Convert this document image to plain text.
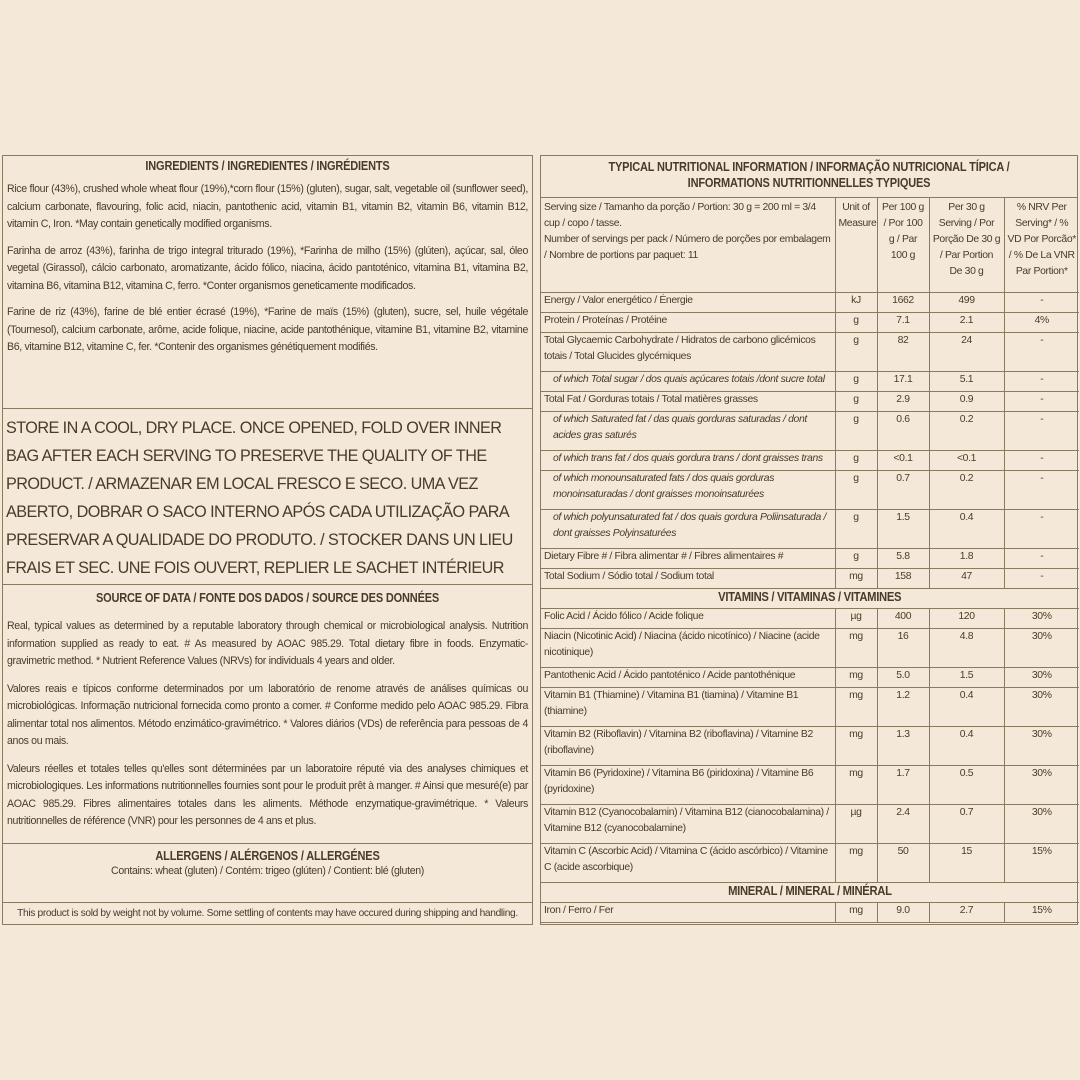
INGREDIENTS / INGREDIENTES / INGRÉDIENTS

Rice flour (43%), crushed whole wheat flour (19%),*corn flour (15%) (gluten), sugar, salt, vegetable oil (sunflower seed), calcium carbonate, flavouring, folic acid, niacin, pantothenic acid, vitamin B1, vitamin B2, vitamin B6, vitamin B12, vitamin C, Iron. *May contain genetically modified organisms.

Farinha de arroz (43%), farinha de trigo integral triturado (19%), *Farinha de milho (15%) (glúten), açúcar, sal, óleo vegetal (Girassol), cálcio carbonato, aromatizante, ácido fólico, niacina, ácido pantoténico, vitamina B1, vitamina B2, vitamina B6, vitamina B12, vitamina C, ferro. *Conter organismos geneticamente modificados.

Farine de riz (43%), farine de blé entier écrasé (19%), *Farine de maïs (15%) (gluten), sucre, sel, huile végétale (Tournesol), calcium carbonate, arôme, acide folique, niacine, acide pantothénique, vitamine B1, vitamine B2, vitamine B6, vitamine B12, vitamine C, fer. *Contenir des organismes génétiquement modifiés.

STORE IN A COOL, DRY PLACE. ONCE OPENED, FOLD OVER INNER BAG AFTER EACH SERVING TO PRESERVE THE QUALITY OF THE PRODUCT. / ARMAZENAR EM LOCAL FRESCO E SECO. UMA VEZ ABERTO, DOBRAR O SACO INTERNO APÓS CADA UTILIZAÇÃO PARA PRESERVAR A QUALIDADE DO PRODUTO. / STOCKER DANS UN LIEU FRAIS ET SEC. UNE FOIS OUVERT, REPLIER LE SACHET INTÉRIEUR

SOURCE OF DATA / FONTE DOS DADOS / SOURCE DES DONNÉES

Real, typical values as determined by a reputable laboratory through chemical or microbiological analysis. Nutrition information supplied as ready to eat. # As measured by AOAC 985.29. Total dietary fibre in foods. Enzymatic-gravimetric method. * Nutrient Reference Values (NRVs) for individuals 4 years and older.

Valores reais e típicos conforme determinados por um laboratório de renome através de análises químicas ou microbiológicas. Informação nutricional fornecida como pronto a comer. # Conforme medido pelo AOAC 985.29. Fibra alimentar total nos alimentos. Método enzimático-gravimétrico. * Valores diários (VDs) de referência para pessoas de 4 anos ou mais.

Valeurs réelles et totales telles qu'elles sont déterminées par un laboratoire réputé via des analyses chimiques et microbiologiques. Les informations nutritionnelles fournies sont pour le produit prêt à manger. # Ainsi que mesuré(e) par AOAC 985.29. Fibres alimentaires totales dans les aliments. Méthode enzymatique-gravimétrique. * Valeurs nutritionnelles de référence (VNR) pour les personnes de 4 ans et plus.

ALLERGENS / ALÉRGENOS / ALLERGÉNES

Contains: wheat (gluten) / Contém: trigeo (glúten) / Contient: blé (gluten)

This product is sold by weight not by volume. Some settling of contents may have occured during shipping and handling.

TYPICAL NUTRITIONAL INFORMATION / INFORMAÇÃO NUTRICIONAL TÍPICA / INFORMATIONS NUTRITIONNELLES TYPIQUES
Serving size / Tamanho da porção / Portion: 30 g = 200 ml = 3/4 cup / copo / tasse.
Number of servings per pack / Número de porções por embalagem / Nombre de portions par paquet: 11	Unit of Measure	Per 100 g / Por 100 g / Par 100 g	Per 30 g Serving / Por Porção De 30 g / Par Portion De 30 g	% NRV Per Serving* / % VD Por Porcão* / % De La VNR Par Portion*
Energy / Valor energético / Énergie	kJ	1662	499	-
Protein / Proteínas / Protéine	g	7.1	2.1	4%
Total Glycaemic Carbohydrate / Hidratos de carbono glicémicos totais / Total Glucides glycémiques	g	82	24	-
of which Total sugar / dos quais açúcares totais /dont sucre total	g	17.1	5.1	-
Total Fat / Gorduras totais / Total matières grasses	g	2.9	0.9	-
of which Saturated fat / das quais gorduras saturadas / dont acides gras saturés	g	0.6	0.2	-
of which trans fat / dos quais gordura trans / dont graisses trans	g	<0.1	<0.1	-
of which monounsaturated fats / dos quais gorduras monoinsaturadas / dont graisses monoinsaturées	g	0.7	0.2	-
of which polyunsaturated fat / dos quais gordura Poliinsaturada / dont graisses Polyinsaturées	g	1.5	0.4	-
Dietary Fibre # / Fibra alimentar # / Fibres alimentaires #	g	5.8	1.8	-
Total Sodium / Sódio total / Sodium total	mg	158	47	-
VITAMINS / VITAMINAS / VITAMINES				
Folic Acid / Ácido fólico / Acide folique	µg	400	120	30%
Niacin (Nicotinic Acid) / Niacina (ácido nicotínico) / Niacine (acide nicotinique)	mg	16	4.8	30%
Pantothenic Acid / Ácido pantoténico / Acide pantothénique	mg	5.0	1.5	30%
Vitamin B1 (Thiamine) / Vitamina B1 (tiamina) / Vitamine B1 (thiamine)	mg	1.2	0.4	30%
Vitamin B2 (Riboflavin) / Vitamina B2 (riboflavina) / Vitamine B2 (riboflavine)	mg	1.3	0.4	30%
Vitamin B6 (Pyridoxine) / Vitamina B6 (piridoxina) / Vitamine B6 (pyridoxine)	mg	1.7	0.5	30%
Vitamin B12 (Cyanocobalamin) / Vitamina B12 (cianocobalamina) / Vitamine B12 (cyanocobalamine)	µg	2.4	0.7	30%
Vitamin C (Ascorbic Acid) / Vitamina C (ácido ascórbico) / Vitamine C (acide ascorbique)	mg	50	15	15%
MINERAL / MINERAL / MINÉRAL				
Iron / Ferro / Fer	mg	9.0	2.7	15%
